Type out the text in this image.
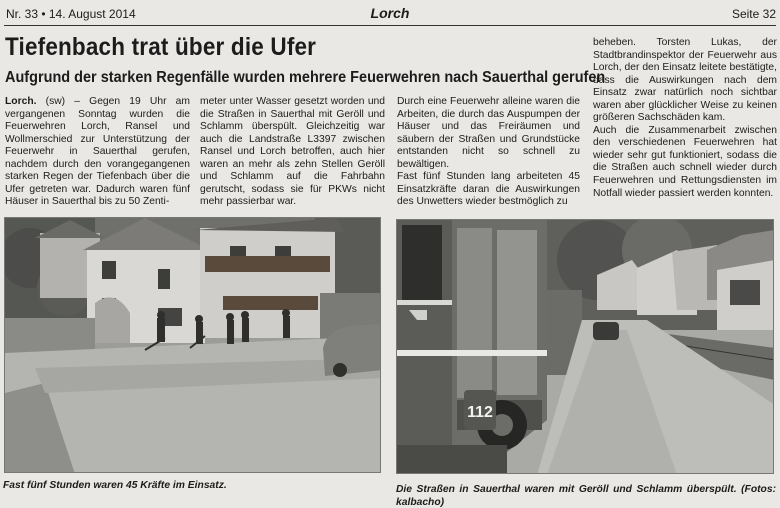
Nr. 33 • 14. August 2014	Lorch	Seite 32
Tiefenbach trat über die Ufer
Aufgrund der starken Regenfälle wurden mehrere Feuerwehren nach Sauerthal gerufen
Lorch. (sw) – Gegen 19 Uhr am vergangenen Sonntag wurden die Feuerwehren Lorch, Ransel und Wollmerschied zur Unterstützung der Feuerwehr in Sauerthal gerufen, nachdem durch den vorangegangenen starken Regen der Tiefenbach über die Ufer getreten war. Dadurch waren fünf Häuser in Sauerthal bis zu 50 Zenti-
meter unter Wasser gesetzt worden und die Straßen in Sauerthal mit Geröll und Schlamm überspült. Gleichzeitig war auch die Landstraße L3397 zwischen Ransel und Lorch betroffen, auch hier waren an mehr als zehn Stellen Geröll und Schlamm auf die Fahrbahn gerutscht, sodass sie für PKWs nicht mehr passierbar war.

Durch eine Feuerwehr alleine waren die Arbeiten, die durch das Auspumpen der Häuser und das Freiräumen und säubern der Straßen und Grundstücke entstanden nicht so schnell zu bewältigen.

Fast fünf Stunden lang arbeiteten 45 Einsatzkräfte daran die Auswirkungen des Unwetters wieder bestmöglich zu

beheben. Torsten Lukas, der Stadtbrandinspektor der Feuerwehr aus Lorch, der den Einsatz leitete bestätigte, dass die Auswirkungen nach dem Einsatz zwar natürlich noch sichtbar waren aber glücklicher Weise zu keinen größeren Sachschäden kam.

Auch die Zusammenarbeit zwischen den verschiedenen Feuerwehren hat wieder sehr gut funktioniert, sodass die die Straßen auch schnell wieder durch Feuerwehren und Rettungsdiensten im Notfall wieder passiert werden konnten.

112
Fast fünf Stunden waren 45 Kräfte im Einsatz.	Die Straßen in Sauerthal waren mit Geröll und Schlamm überspült. (Fotos: kalbacho)
